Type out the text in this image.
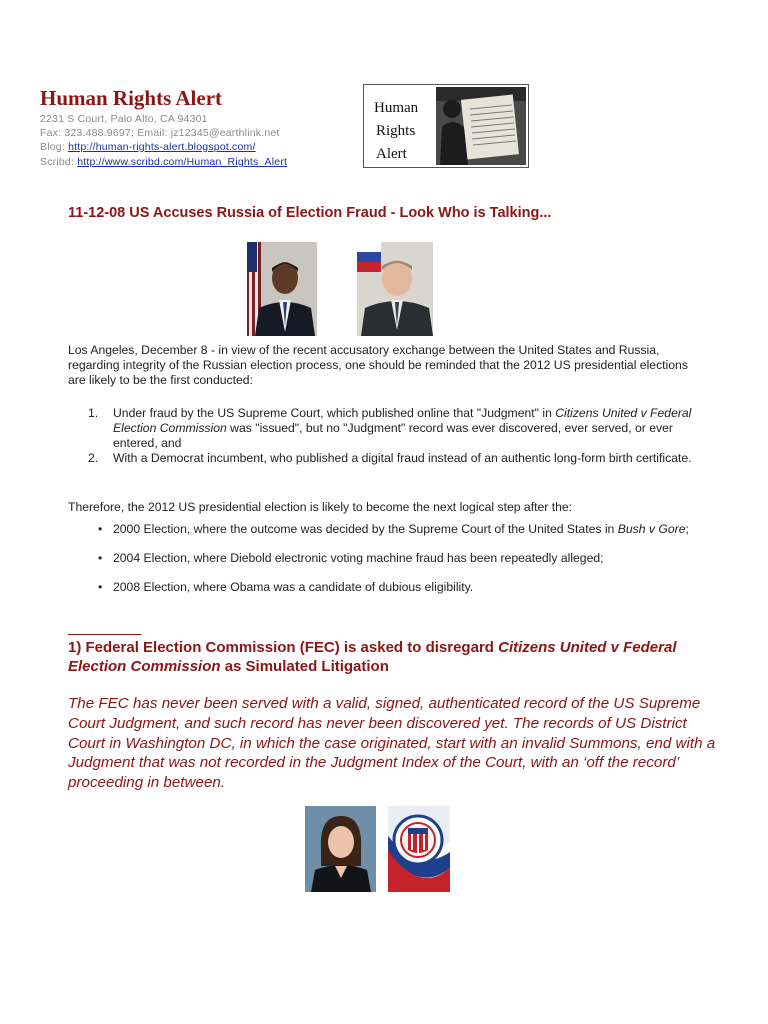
Human Rights Alert
2231 S Court, Palo Alto, CA 94301
Fax: 323.488.9697; Email: jz12345@earthlink.net
Blog: http://human-rights-alert.blogspot.com/
Scribd: http://www.scribd.com/Human_Rights_Alert
Human
Rights
Alert
11-12-08 US Accuses Russia of Election Fraud - Look Who is Talking...
Los Angeles, December 8 - in view of the recent accusatory exchange between the United States and Russia, regarding integrity of the Russian election process, one should be reminded that the 2012 US presidential elections are likely to be the first conducted:
1. Under fraud by the US Supreme Court, which published online that "Judgment" in Citizens United v Federal Election Commission was "issued", but no "Judgment" record was ever discovered, ever served, or ever entered, and
2. With a Democrat incumbent, who published a digital fraud instead of an authentic long-form birth certificate.
Therefore, the 2012 US presidential election is likely to become the next logical step after the:
• 2000 Election, where the outcome was decided by the Supreme Court of the United States in Bush v Gore;
• 2004 Election, where Diebold electronic voting machine fraud has been repeatedly alleged;
• 2008 Election, where Obama was a candidate of dubious eligibility.
1) Federal Election Commission (FEC) is asked to disregard Citizens United v Federal Election Commission as Simulated Litigation
The FEC has never been served with a valid, signed, authenticated record of the US Supreme Court Judgment, and such record has never been discovered yet. The records of US District Court in Washington DC, in which the case originated, start with an invalid Summons, end with a Judgment that was not recorded in the Judgment Index of the Court, with an ‘off the record’ proceeding in between.
